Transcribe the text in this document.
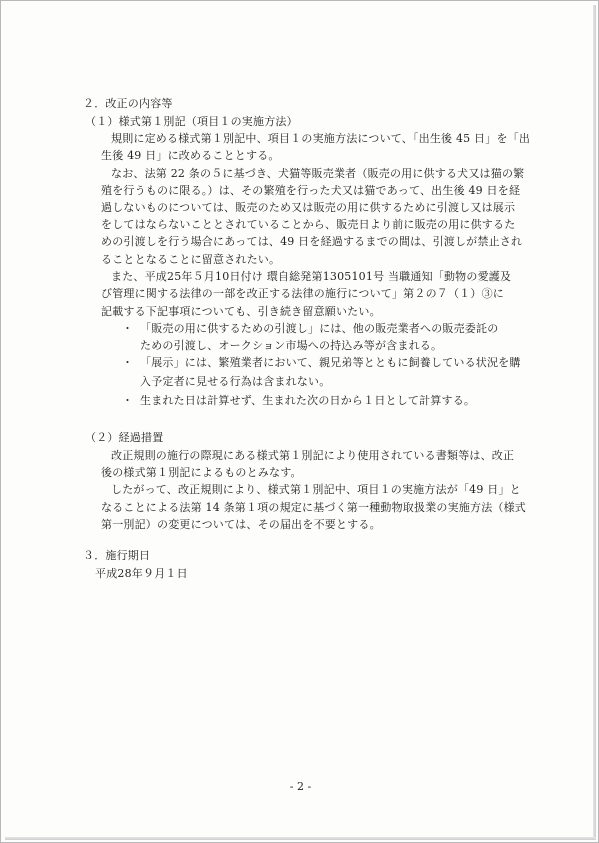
２．改正の内容等
（１）様式第１別記（項目１の実施方法）
規則に定める様式第１別記中、項目１の実施方法について、「出生後 45 日」を「出
生後 49 日」に改めることとする。
なお、法第 22 条の５に基づき、犬猫等販売業者（販売の用に供する犬又は猫の繁
殖を行うものに限る。）は、その繁殖を行った犬又は猫であって、出生後 49 日を経
過しないものについては、販売のため又は販売の用に供するために引渡し又は展示
をしてはならないこととされていることから、販売日より前に販売の用に供するた
めの引渡しを行う場合にあっては、49 日を経過するまでの間は、引渡しが禁止され
ることとなることに留意されたい。
また、平成25年５月10日付け 環自総発第1305101号 当職通知「動物の愛護及
び管理に関する法律の一部を改正する法律の施行について」第２の７（１）③に
記載する下記事項についても、引き続き留意願いたい。
・ 「販売の用に供するための引渡し」には、他の販売業者への販売委託の
ための引渡し、オークション市場への持込み等が含まれる。
・ 「展示」には、繁殖業者において、親兄弟等とともに飼養している状況を購
入予定者に見せる行為は含まれない。
・ 生まれた日は計算せず、生まれた次の日から１日として計算する。
（２）経過措置
改正規則の施行の際現にある様式第１別記により使用されている書類等は、改正
後の様式第１別記によるものとみなす。
したがって、改正規則により、様式第１別記中、項目１の実施方法が「49 日」と
なることによる法第 14 条第１項の規定に基づく第一種動物取扱業の実施方法（様式
第一別記）の変更については、その届出を不要とする。
３．施行期日
平成28年９月１日
- 2 -
